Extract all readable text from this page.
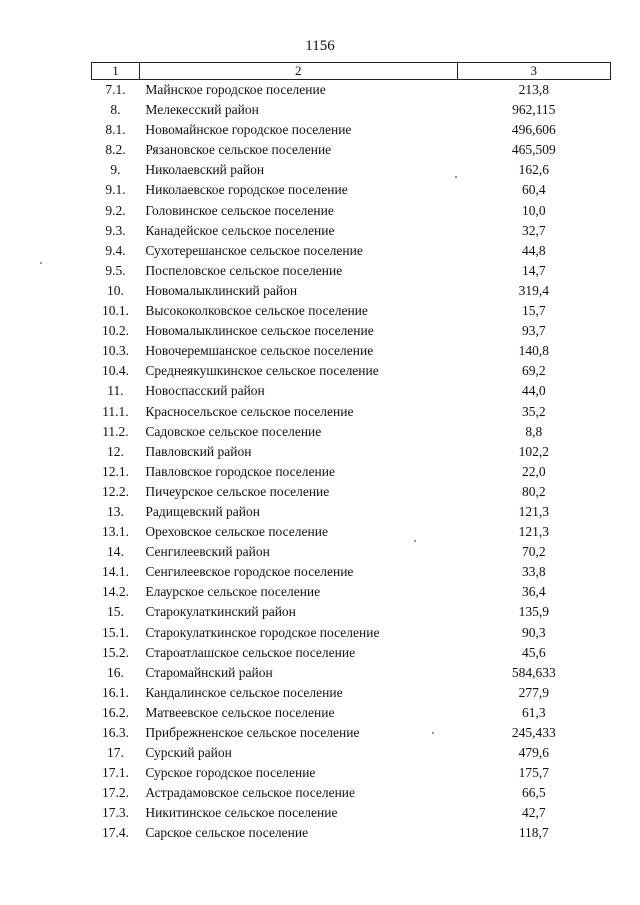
1156
1	2	3
7.1.	Майнское городское поселение	213,8
8.	Мелекесский район	962,115
8.1.	Новомайнское городское поселение	496,606
8.2.	Рязановское сельское поселение	465,509
9.	Николаевский район	162,6
9.1.	Николаевское городское поселение	60,4
9.2.	Головинское сельское поселение	10,0
9.3.	Канадейское сельское поселение	32,7
9.4.	Сухотерешанское сельское поселение	44,8
9.5.	Поспеловское сельское поселение	14,7
10.	Новомалыклинский район	319,4
10.1.	Высококолковское сельское поселение	15,7
10.2.	Новомалыклинское сельское поселение	93,7
10.3.	Новочеремшанское сельское поселение	140,8
10.4.	Среднеякушкинское сельское поселение	69,2
11.	Новоспасский район	44,0
11.1.	Красносельское сельское поселение	35,2
11.2.	Садовское сельское поселение	8,8
12.	Павловский район	102,2
12.1.	Павловское городское поселение	22,0
12.2.	Пичеурское сельское поселение	80,2
13.	Радищевский район	121,3
13.1.	Ореховское сельское поселение	121,3
14.	Сенгилеевский район	70,2
14.1.	Сенгилеевское городское поселение	33,8
14.2.	Елаурское сельское поселение	36,4
15.	Старокулаткинский район	135,9
15.1.	Старокулаткинское городское поселение	90,3
15.2.	Староатлашское сельское поселение	45,6
16.	Старомайнский район	584,633
16.1.	Кандалинское сельское поселение	277,9
16.2.	Матвеевское сельское поселение	61,3
16.3.	Прибрежненское сельское поселение	245,433
17.	Сурский район	479,6
17.1.	Сурское городское поселение	175,7
17.2.	Астрадамовское сельское поселение	66,5
17.3.	Никитинское сельское поселение	42,7
17.4.	Сарское сельское поселение	118,7
